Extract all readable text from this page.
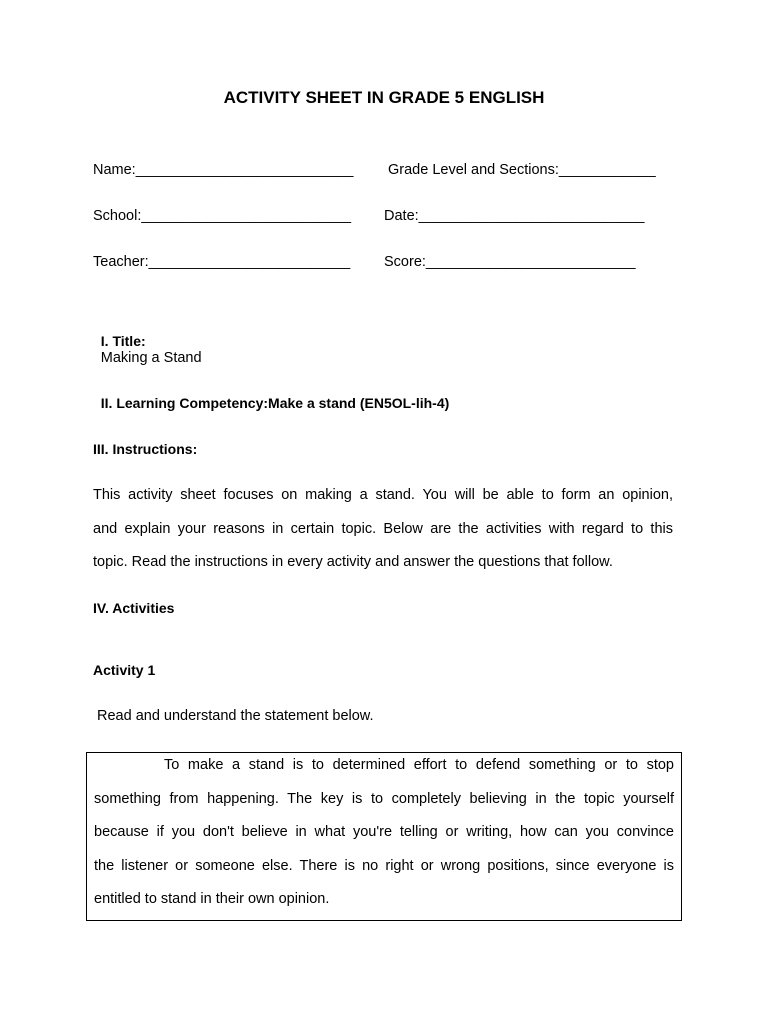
ACTIVITY SHEET IN GRADE 5 ENGLISH
Name:___________________________ Grade Level and Sections:____________
School:__________________________ Date:____________________________
Teacher:_________________________ Score:__________________________

I. Title:
Making a Stand

II. Learning Competency:Make a stand (EN5OL-lih-4)

III. Instructions:
This activity sheet focuses on making a stand. You will be able to form an opinion,
and explain your reasons in certain topic. Below are the activities with regard to this
topic. Read the instructions in every activity and answer the questions that follow.
IV. Activities
Activity 1
Read and understand the statement below.
To make a stand is to determined effort to defend something or to stop
something from happening. The key is to completely believing in the topic yourself
because if you don't believe in what you're telling or writing, how can you convince
the listener or someone else. There is no right or wrong positions, since everyone is
entitled to stand in their own opinion.
